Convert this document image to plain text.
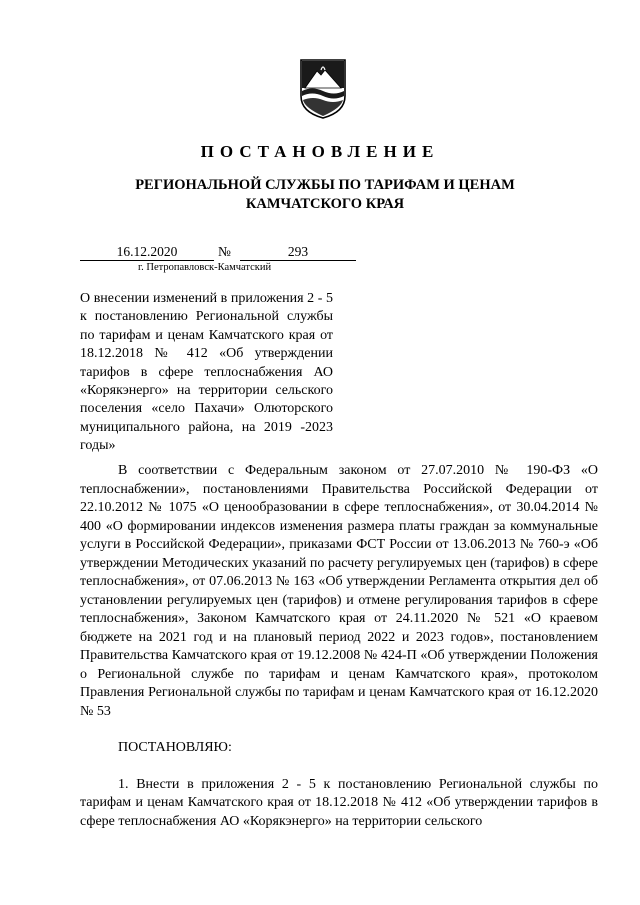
ПОСТАНОВЛЕНИЕ
РЕГИОНАЛЬНОЙ СЛУЖБЫ ПО ТАРИФАМ И ЦЕНАМ
КАМЧАТСКОГО КРАЯ
16.12.2020	№	293
г. Петропавловск-Камчатский
О внесении изменений в приложения 2 - 5 к постановлению Региональной службы по тарифам и ценам Камчатского края от 18.12.2018 № 412 «Об утверждении тарифов в сфере теплоснабжения АО «Корякэнерго» на территории сельского поселения «село Пахачи» Олюторского муниципального района, на 2019 -2023 годы»

В соответствии с Федеральным законом от 27.07.2010 № 190-ФЗ «О теплоснабжении», постановлениями Правительства Российской Федерации от 22.10.2012 № 1075 «О ценообразовании в сфере теплоснабжения», от 30.04.2014 № 400 «О формировании индексов изменения размера платы граждан за коммунальные услуги в Российской Федерации», приказами ФСТ России от 13.06.2013 № 760-э «Об утверждении Методических указаний по расчету регулируемых цен (тарифов) в сфере теплоснабжения», от 07.06.2013 № 163 «Об утверждении Регламента открытия дел об установлении регулируемых цен (тарифов) и отмене регулирования тарифов в сфере теплоснабжения», Законом Камчатского края от 24.11.2020 № 521 «О краевом бюджете на 2021 год и на плановый период 2022 и 2023 годов», постановлением Правительства Камчатского края от 19.12.2008 № 424-П «Об утверждении Положения о Региональной службе по тарифам и ценам Камчатского края», протоколом Правления Региональной службы по тарифам и ценам Камчатского края от 16.12.2020 № 53

ПОСТАНОВЛЯЮ:

1. Внести в приложения 2 - 5 к постановлению Региональной службы по тарифам и ценам Камчатского края от 18.12.2018 № 412 «Об утверждении тарифов в сфере теплоснабжения АО «Корякэнерго» на территории сельского
